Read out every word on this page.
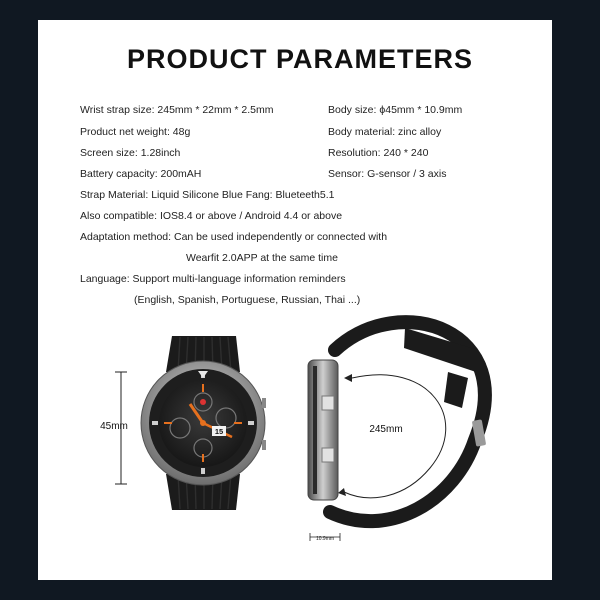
PRODUCT PARAMETERS
Wrist strap size: 245mm * 22mm * 2.5mm	Body size: ϕ45mm * 10.9mm
Product net weight: 48g	Body material: zinc alloy
Screen size: 1.28inch	Resolution: 240 * 240
Battery capacity: 200mAH	Sensor: G-sensor / 3 axis
Strap Material: Liquid Silicone Blue Fang: Blueteeth5.1
Also compatible: IOS8.4 or above / Android 4.4 or above
Adaptation method: Can be used independently or connected with
Wearfit 2.0APP at the same time
Language: Support multi-language information reminders
(English, Spanish, Portuguese, Russian, Thai ...)
15
45mm	245mm
10.9mm
